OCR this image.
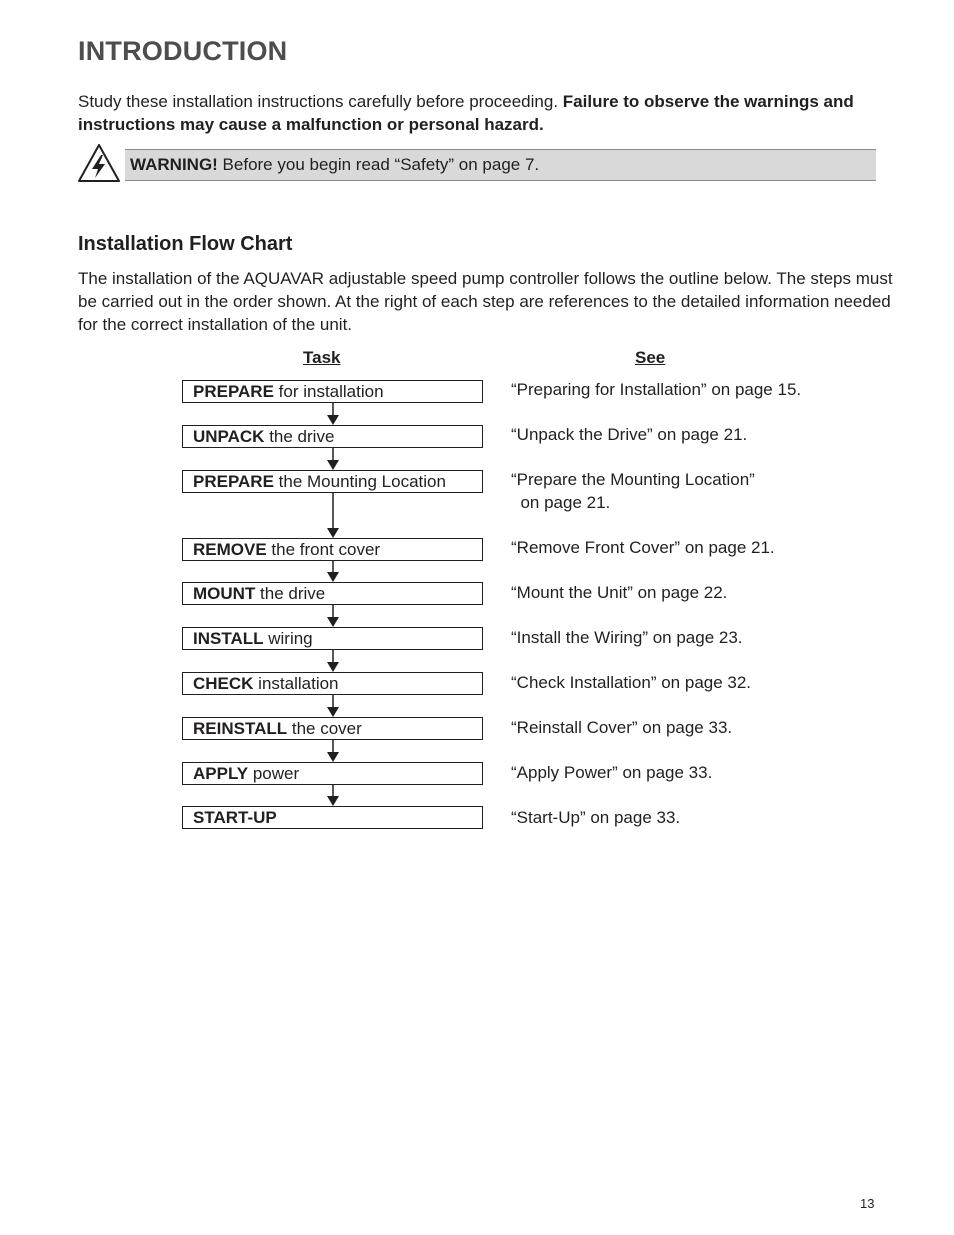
INTRODUCTION

Study these installation instructions carefully before proceeding. Failure to observe the warnings and instructions may cause a malfunction or personal hazard.

WARNING! Before you begin read “Safety” on page 7.
Installation Flow Chart

The installation of the AQUAVAR adjustable speed pump controller follows the outline below. The steps must be carried out in the order shown. At the right of each step are references to the detailed information needed for the correct installation of the unit.

Task	See
PREPARE for installation	“Preparing for Installation” on page 15.
UNPACK the drive	“Unpack the Drive” on page 21.
PREPARE the Mounting Location	“Prepare the Mounting Location”
on page 21.
REMOVE the front cover	“Remove Front Cover” on page 21.
MOUNT the drive	“Mount the Unit” on page 22.
INSTALL wiring	“Install the Wiring” on page 23.
CHECK installation	“Check Installation” on page 32.
REINSTALL the cover	“Reinstall Cover” on page 33.
APPLY power	“Apply Power” on page 33.
START-UP	“Start-Up” on page 33.
13
